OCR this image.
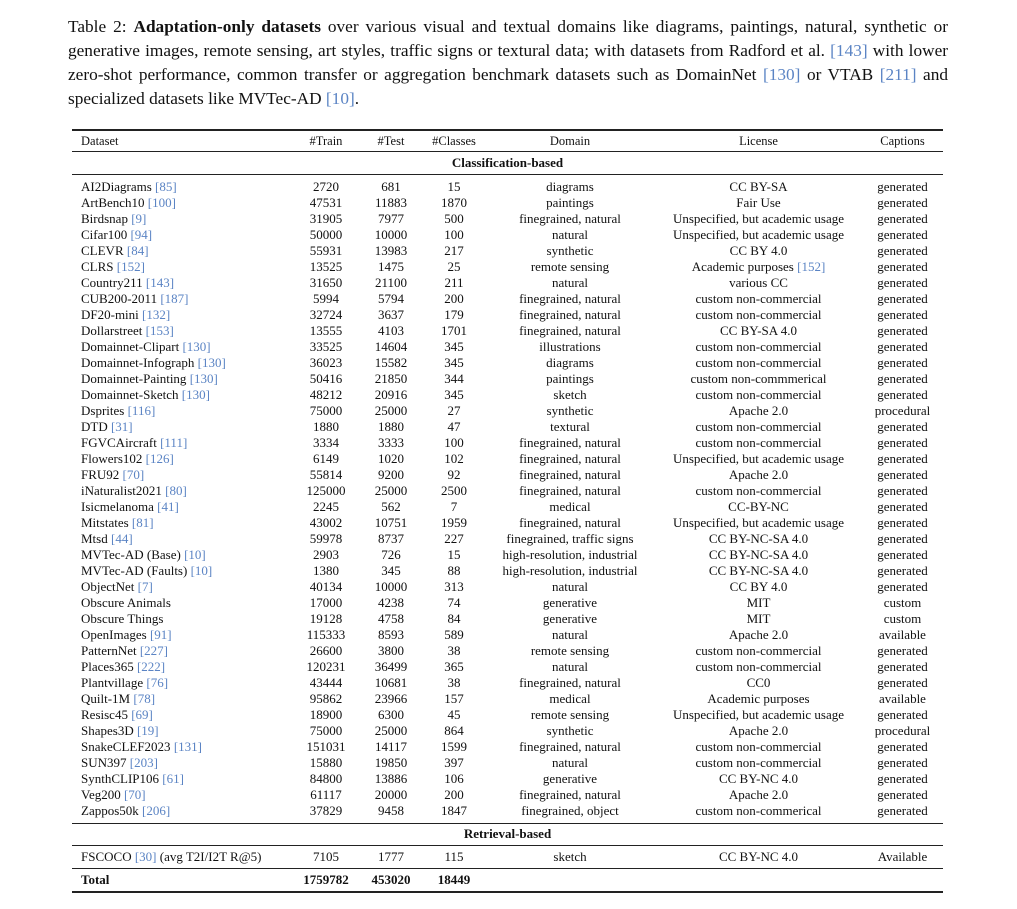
Table 2: Adaptation-only datasets over various visual and textual domains like diagrams, paintings, natural, synthetic or generative images, remote sensing, art styles, traffic signs or textural data; with datasets from Radford et al. [143] with lower zero-shot performance, common transfer or aggregation benchmark datasets such as DomainNet [130] or VTAB [211] and specialized datasets like MVTec-AD [10].
Dataset	#Train	#Test	#Classes	Domain	License	Captions
Classification-based
AI2Diagrams [85]	2720	681	15	diagrams	CC BY-SA	generated
ArtBench10 [100]	47531	11883	1870	paintings	Fair Use	generated
Birdsnap [9]	31905	7977	500	finegrained, natural	Unspecified, but academic usage	generated
Cifar100 [94]	50000	10000	100	natural	Unspecified, but academic usage	generated
CLEVR [84]	55931	13983	217	synthetic	CC BY 4.0	generated
CLRS [152]	13525	1475	25	remote sensing	Academic purposes [152]	generated
Country211 [143]	31650	21100	211	natural	various CC	generated
CUB200-2011 [187]	5994	5794	200	finegrained, natural	custom non-commercial	generated
DF20-mini [132]	32724	3637	179	finegrained, natural	custom non-commercial	generated
Dollarstreet [153]	13555	4103	1701	finegrained, natural	CC BY-SA 4.0	generated
Domainnet-Clipart [130]	33525	14604	345	illustrations	custom non-commercial	generated
Domainnet-Infograph [130]	36023	15582	345	diagrams	custom non-commercial	generated
Domainnet-Painting [130]	50416	21850	344	paintings	custom non-commmerical	generated
Domainnet-Sketch [130]	48212	20916	345	sketch	custom non-commercial	generated
Dsprites [116]	75000	25000	27	synthetic	Apache 2.0	procedural
DTD [31]	1880	1880	47	textural	custom non-commercial	generated
FGVCAircraft [111]	3334	3333	100	finegrained, natural	custom non-commercial	generated
Flowers102 [126]	6149	1020	102	finegrained, natural	Unspecified, but academic usage	generated
FRU92 [70]	55814	9200	92	finegrained, natural	Apache 2.0	generated
iNaturalist2021 [80]	125000	25000	2500	finegrained, natural	custom non-commercial	generated
Isicmelanoma [41]	2245	562	7	medical	CC-BY-NC	generated
Mitstates [81]	43002	10751	1959	finegrained, natural	Unspecified, but academic usage	generated
Mtsd [44]	59978	8737	227	finegrained, traffic signs	CC BY-NC-SA 4.0	generated
MVTec-AD (Base) [10]	2903	726	15	high-resolution, industrial	CC BY-NC-SA 4.0	generated
MVTec-AD (Faults) [10]	1380	345	88	high-resolution, industrial	CC BY-NC-SA 4.0	generated
ObjectNet [7]	40134	10000	313	natural	CC BY 4.0	generated
Obscure Animals	17000	4238	74	generative	MIT	custom
Obscure Things	19128	4758	84	generative	MIT	custom
OpenImages [91]	115333	8593	589	natural	Apache 2.0	available
PatternNet [227]	26600	3800	38	remote sensing	custom non-commercial	generated
Places365 [222]	120231	36499	365	natural	custom non-commercial	generated
Plantvillage [76]	43444	10681	38	finegrained, natural	CC0	generated
Quilt-1M [78]	95862	23966	157	medical	Academic purposes	available
Resisc45 [69]	18900	6300	45	remote sensing	Unspecified, but academic usage	generated
Shapes3D [19]	75000	25000	864	synthetic	Apache 2.0	procedural
SnakeCLEF2023 [131]	151031	14117	1599	finegrained, natural	custom non-commercial	generated
SUN397 [203]	15880	19850	397	natural	custom non-commercial	generated
SynthCLIP106 [61]	84800	13886	106	generative	CC BY-NC 4.0	generated
Veg200 [70]	61117	20000	200	finegrained, natural	Apache 2.0	generated
Zappos50k [206]	37829	9458	1847	finegrained, object	custom non-commerical	generated
Retrieval-based
FSCOCO [30] (avg T2I/I2T R@5)	7105	1777	115	sketch	CC BY-NC 4.0	Available
Total	1759782	453020	18449
